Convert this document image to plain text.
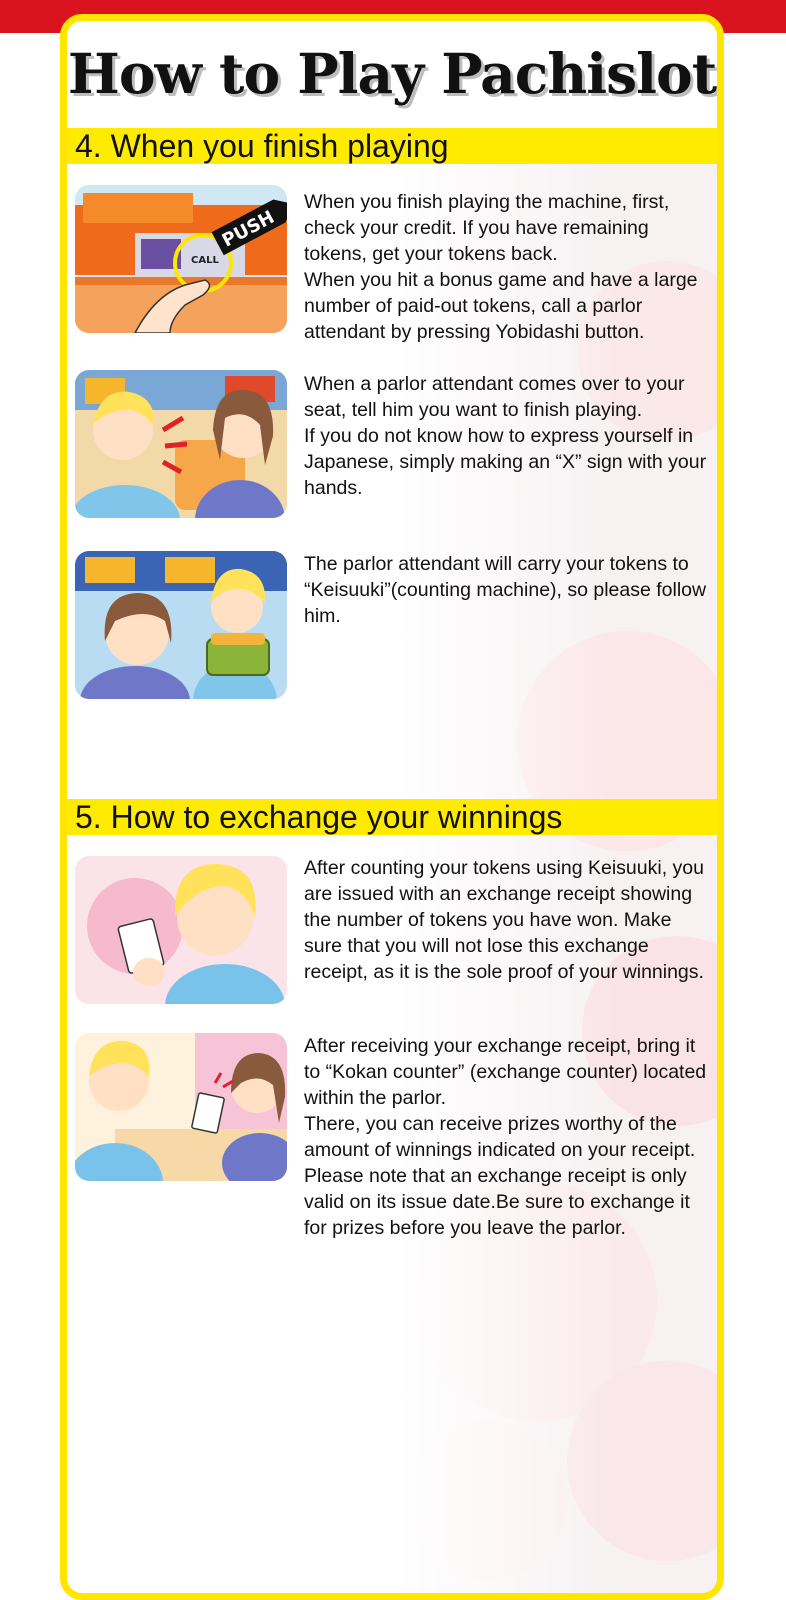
How to Play Pachislot
4. When you finish playing
CALL
PUSH

When you finish playing the machine, first, check your credit. If you have remaining tokens, get your tokens back.

When you hit a bonus game and have a large number of paid-out tokens, call a parlor attendant by pressing Yobidashi button.

When a parlor attendant comes over to your seat, tell him you want to finish playing.

If you do not know how to express yourself in Japanese, simply making an “X” sign with your hands.

The parlor attendant will carry your tokens to “Keisuuki”(counting machine), so please follow him.

5. How to exchange your winnings

After counting your tokens using Keisuuki, you are issued with an exchange receipt showing the number of tokens you have won. Make sure that you will not lose this exchange receipt, as it is the sole proof of your winnings.

After receiving your exchange receipt, bring it to “Kokan counter” (exchange counter) located within the parlor.

There, you can receive prizes worthy of the amount of winnings indicated on your receipt.

Please note that an exchange receipt is only valid on its issue date.Be sure to exchange it for prizes before you leave the parlor.
